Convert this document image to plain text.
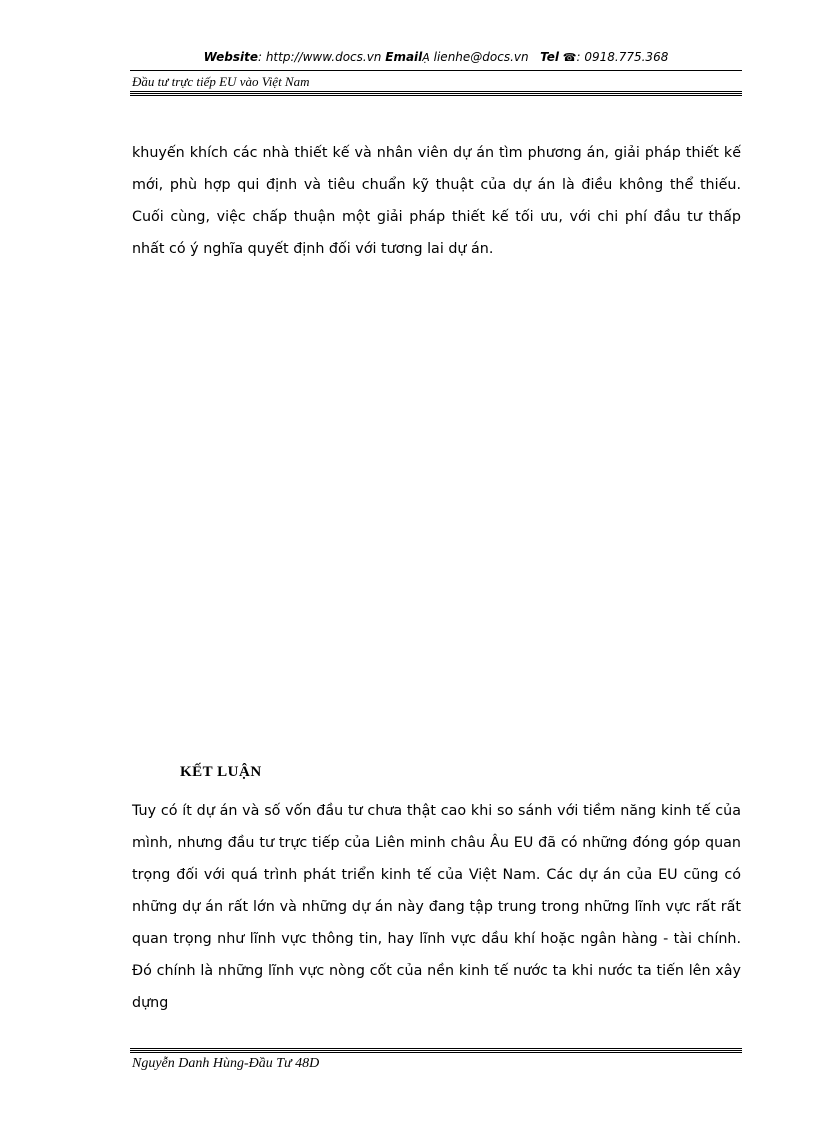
Website: http://www.docs.vn EmailẠ lienhe@docs.vn Tel ☎: 0918.775.368
Đầu tư trực tiếp EU vào Việt Nam

khuyến khích các nhà thiết kế và nhân viên dự án tìm phương án, giải pháp thiết kế mới, phù hợp qui định và tiêu chuẩn kỹ thuật của dự án là điều không thể thiếu. Cuối cùng, việc chấp thuận một giải pháp thiết kế tối ưu, với chi phí đầu tư thấp nhất có ý nghĩa quyết định đối với tương lai dự án.

KẾT LUẬN

Tuy có ít dự án và số vốn đầu tư chưa thật cao khi so sánh với tiềm năng kinh tế của mình, nhưng đầu tư trực tiếp của Liên minh châu Âu EU đã có những đóng góp quan trọng đối với quá trình phát triển kinh tế của Việt Nam. Các dự án của EU cũng có những dự án rất lớn và những dự án này đang tập trung trong những lĩnh vực rất rất quan trọng như lĩnh vực thông tin, hay lĩnh vực dầu khí hoặc ngân hàng - tài chính. Đó chính là những lĩnh vực nòng cốt của nền kinh tế nước ta khi nước ta tiến lên xây dựng

Nguyễn Danh Hùng-Đầu Tư 48D
